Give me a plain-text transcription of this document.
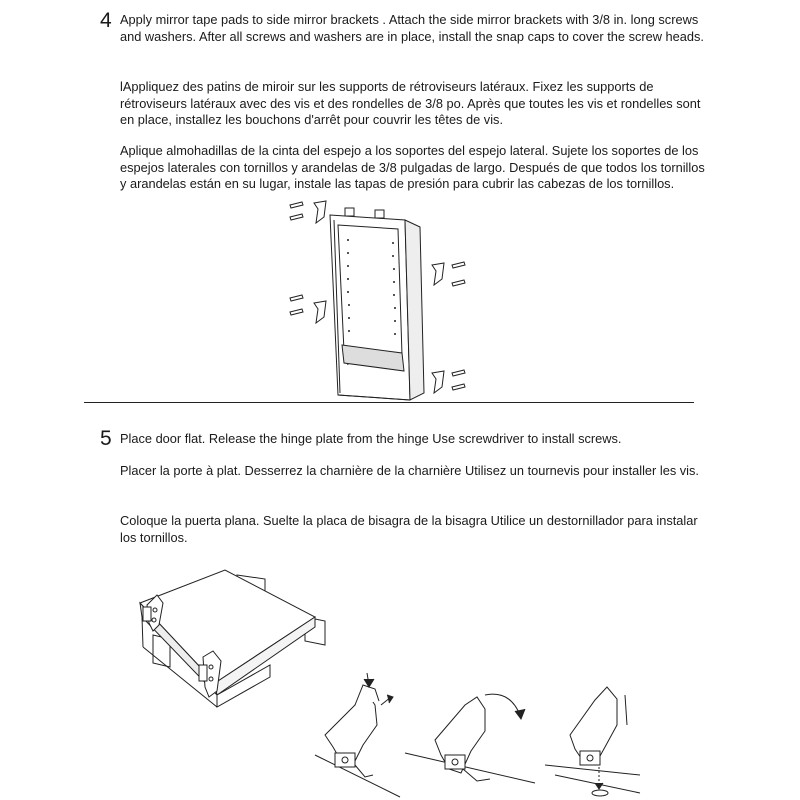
4 Apply mirror tape pads to side mirror brackets . Attach the side mirror brackets with 3/8 in. long screws and washers. After all screws and washers are in place, install the snap caps to cover the screw heads.

lAppliquez des patins de miroir sur les supports de rétroviseurs latéraux. Fixez les supports de rétroviseurs latéraux avec des vis et des rondelles de 3/8 po. Après que toutes les vis et rondelles sont en place, installez les bouchons d'arrêt pour couvrir les têtes de vis.

Aplique almohadillas de la cinta del espejo a los soportes del espejo lateral. Sujete los soportes de los espejos laterales con tornillos y arandelas de 3/8 pulgadas de largo. Después de que todos los tornillos y arandelas están en su lugar, instale las tapas de presión para cubrir las cabezas de los tornillos.

5 Place door flat. Release the hinge plate from the hinge Use screwdriver to install screws.

Placer la porte à plat. Desserrez la charnière de la charnière Utilisez un tournevis pour installer les vis.

Coloque la puerta plana. Suelte la placa de bisagra de la bisagra Utilice un destornillador para instalar los tornillos.
